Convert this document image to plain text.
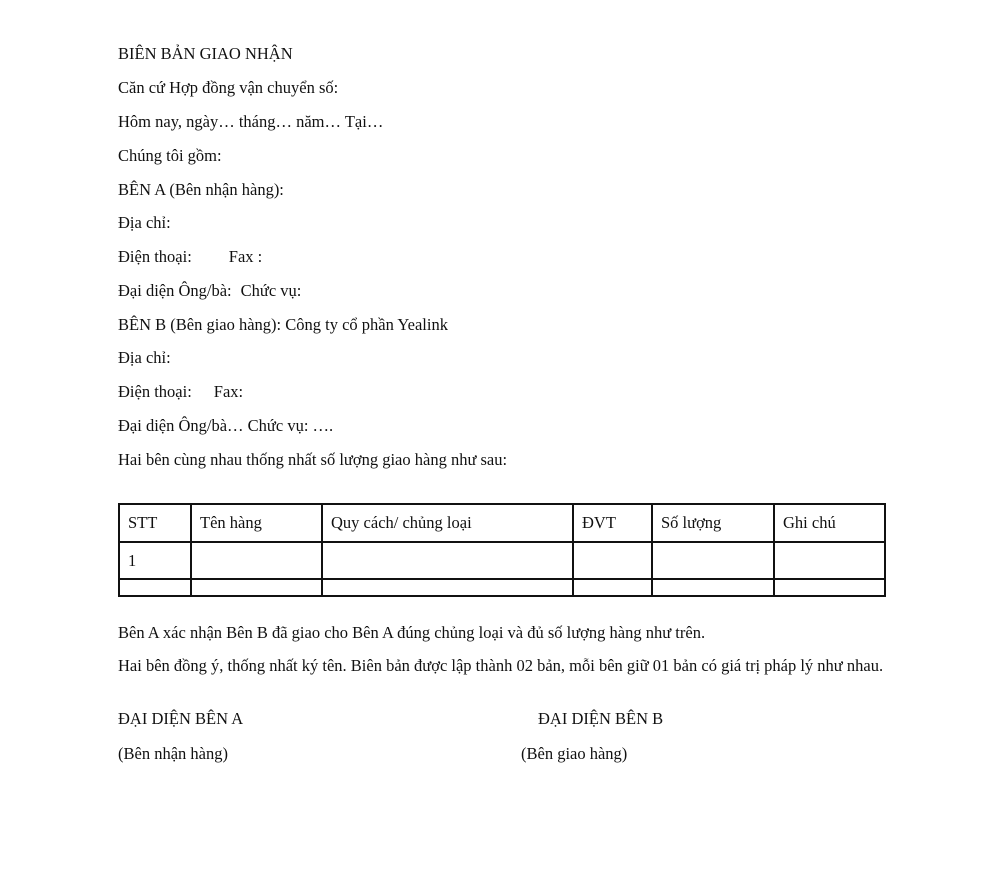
BIÊN BẢN GIAO NHẬN
Căn cứ Hợp đồng vận chuyển số:
Hôm nay, ngày… tháng… năm… Tại…
Chúng tôi gồm:
BÊN A (Bên nhận hàng):
Địa chỉ:
Điện thoại: Fax :
Đại diện Ông/bà: Chức vụ:
BÊN B (Bên giao hàng): Công ty cổ phần Yealink
Địa chỉ:
Điện thoại: Fax:
Đại diện Ông/bà… Chức vụ: ….
Hai bên cùng nhau thống nhất số lượng giao hàng như sau:
STT	Tên hàng	Quy cách/ chủng loại	ĐVT	Số lượng	Ghi chú
1					

Bên A xác nhận Bên B đã giao cho Bên A đúng chủng loại và đủ số lượng hàng như trên.
Hai bên đồng ý, thống nhất ký tên. Biên bản được lập thành 02 bản, mỗi bên giữ 01 bản có giá trị pháp lý như nhau.
ĐẠI DIỆN BÊN A	ĐẠI DIỆN BÊN B
(Bên nhận hàng)	(Bên giao hàng)
